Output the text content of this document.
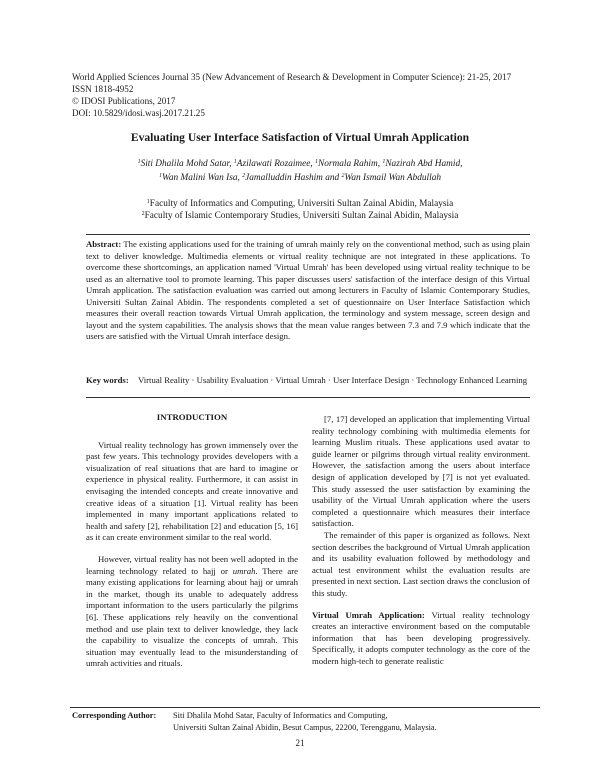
World Applied Sciences Journal 35 (New Advancement of Research & Development in Computer Science): 21-25, 2017
ISSN 1818-4952
© IDOSI Publications, 2017
DOI: 10.5829/idosi.wasj.2017.21.25
Evaluating User Interface Satisfaction of Virtual Umrah Application
$^1$Siti Dhalila Mohd Satar, $^1$Azilawati Rozaimee, $^1$Normala Rahim, $^1$Nazirah Abd Hamid,
$^1$Wan Malini Wan Isa, $^2$Jamalluddin Hashim and $^2$Wan Ismail Wan Abdullah
$^1$Faculty of Informatics and Computing, Universiti Sultan Zainal Abidin, Malaysia
$^2$Faculty of Islamic Contemporary Studies, Universiti Sultan Zainal Abidin, Malaysia
Abstract: The existing applications used for the training of umrah mainly rely on the conventional method, such as using plain text to deliver knowledge. Multimedia elements or virtual reality technique are not integrated in these applications. To overcome these shortcomings, an application named 'Virtual Umrah' has been developed using virtual reality technique to be used as an alternative tool to promote learning. This paper discusses users' satisfaction of the interface design of this Virtual Umrah application. The satisfaction evaluation was carried out among lecturers in Faculty of Islamic Contemporary Studies, Universiti Sultan Zainal Abidin. The respondents completed a set of questionnaire on User Interface Satisfaction which measures their overall reaction towards Virtual Umrah application, the terminology and system message, screen design and layout and the system capabilities. The analysis shows that the mean value ranges between 7.3 and 7.9 which indicate that the users are satisfied with the Virtual Umrah interface design.
Key words: Virtual Reality · Usability Evaluation · Virtual Umrah · User Interface Design · Technology Enhanced Learning
INTRODUCTION

Virtual reality technology has grown immensely over the past few years. This technology provides developers with a visualization of real situations that are hard to imagine or experience in physical reality. Furthermore, it can assist in envisaging the intended concepts and create innovative and creative ideas of a situation [1]. Virtual reality has been implemented in many important applications related to health and safety [2], rehabilitation [2] and education [5, 16] as it can create environment similar to the real world.

However, virtual reality has not been well adopted in the learning technology related to hajj or umrah. There are many existing applications for learning about hajj or umrah in the market, though its unable to adequately address important information to the users particularly the pilgrims [6]. These applications rely heavily on the conventional method and use plain text to deliver knowledge, they lack the capability to visualize the concepts of umrah. This situation may eventually lead to the misunderstanding of umrah activities and rituals.

[7, 17] developed an application that implementing Virtual reality technology combining with multimedia elements for learning Muslim rituals. These applications used avatar to guide learner or pilgrims through virtual reality environment. However, the satisfaction among the users about interface design of application developed by [7] is not yet evaluated. This study assessed the user satisfaction by examining the usability of the Virtual Umrah application where the users completed a questionnaire which measures their interface satisfaction.

The remainder of this paper is organized as follows. Next section describes the background of Virtual Umrah application and its usability evaluation followed by methodology and actual test environment whilst the evaluation results are presented in next section. Last section draws the conclusion of this study.

Virtual Umrah Application: Virtual reality technology creates an interactive environment based on the computable information that has been developing progressively. Specifically, it adopts computer technology as the core of the modern high-tech to generate realistic

Corresponding Author: Siti Dhalila Mohd Satar, Faculty of Informatics and Computing,
Universiti Sultan Zainal Abidin, Besut Campus, 22200, Terengganu, Malaysia.
21
